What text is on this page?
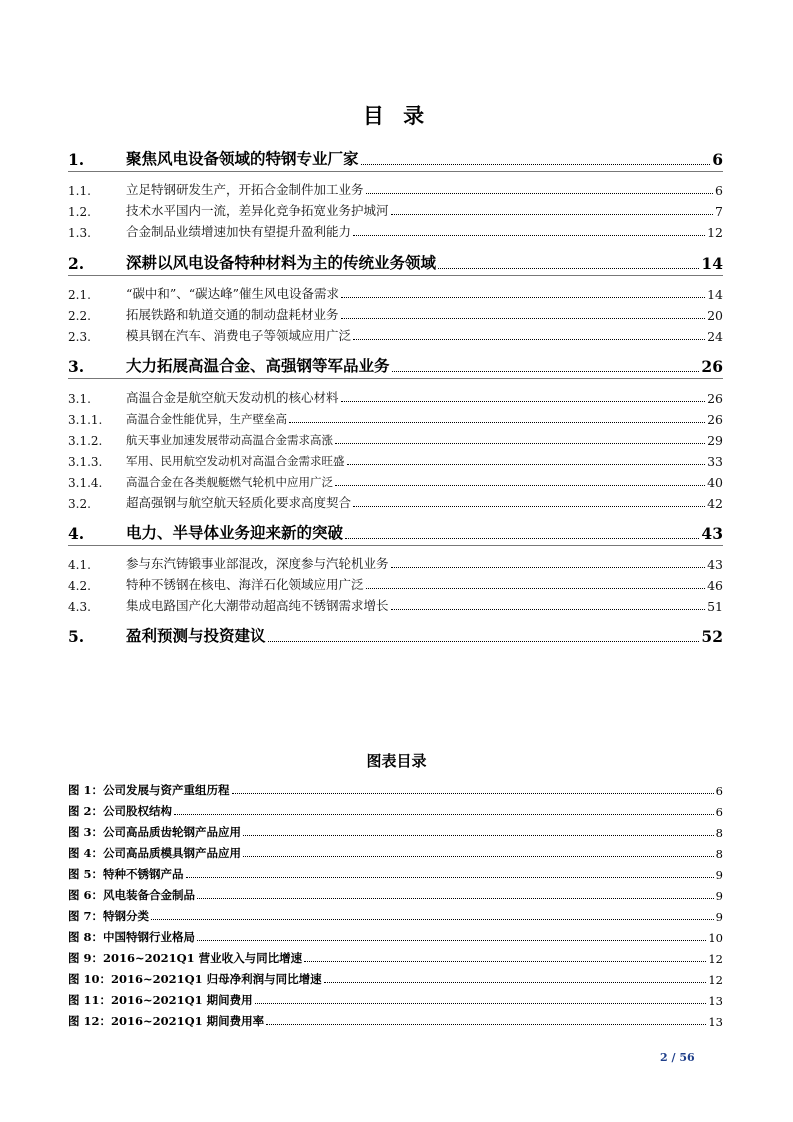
目 录
1.	聚焦风电设备领域的特钢专业厂家	6
1.1.	立足特钢研发生产，开拓合金制件加工业务	6
1.2.	技术水平国内一流，差异化竞争拓宽业务护城河	7
1.3.	合金制品业绩增速加快有望提升盈利能力	12
2.	深耕以风电设备特种材料为主的传统业务领域	14
2.1.	“碳中和”、“碳达峰”催生风电设备需求	14
2.2.	拓展铁路和轨道交通的制动盘耗材业务	20
2.3.	模具钢在汽车、消费电子等领域应用广泛	24
3.	大力拓展高温合金、高强钢等军品业务	26
3.1.	高温合金是航空航天发动机的核心材料	26
3.1.1.	高温合金性能优异，生产壁垒高	26
3.1.2.	航天事业加速发展带动高温合金需求高涨	29
3.1.3.	军用、民用航空发动机对高温合金需求旺盛	33
3.1.4.	高温合金在各类舰艇燃气轮机中应用广泛	40
3.2.	超高强钢与航空航天轻质化要求高度契合	42
4.	电力、半导体业务迎来新的突破	43
4.1.	参与东汽铸锻事业部混改，深度参与汽轮机业务	43
4.2.	特种不锈钢在核电、海洋石化领域应用广泛	46
4.3.	集成电路国产化大潮带动超高纯不锈钢需求增长	51
5.	盈利预测与投资建议	52
图表目录
图 1：公司发展与资产重组历程	6
图 2：公司股权结构	6
图 3：公司高品质齿轮钢产品应用	8
图 4：公司高品质模具钢产品应用	8
图 5：特种不锈钢产品	9
图 6：风电装备合金制品	9
图 7：特钢分类	9
图 8：中国特钢行业格局	10
图 9：2016~2021Q1 营业收入与同比增速	12
图 10：2016~2021Q1 归母净利润与同比增速	12
图 11：2016~2021Q1 期间费用	13
图 12：2016~2021Q1 期间费用率	13
2 / 56
